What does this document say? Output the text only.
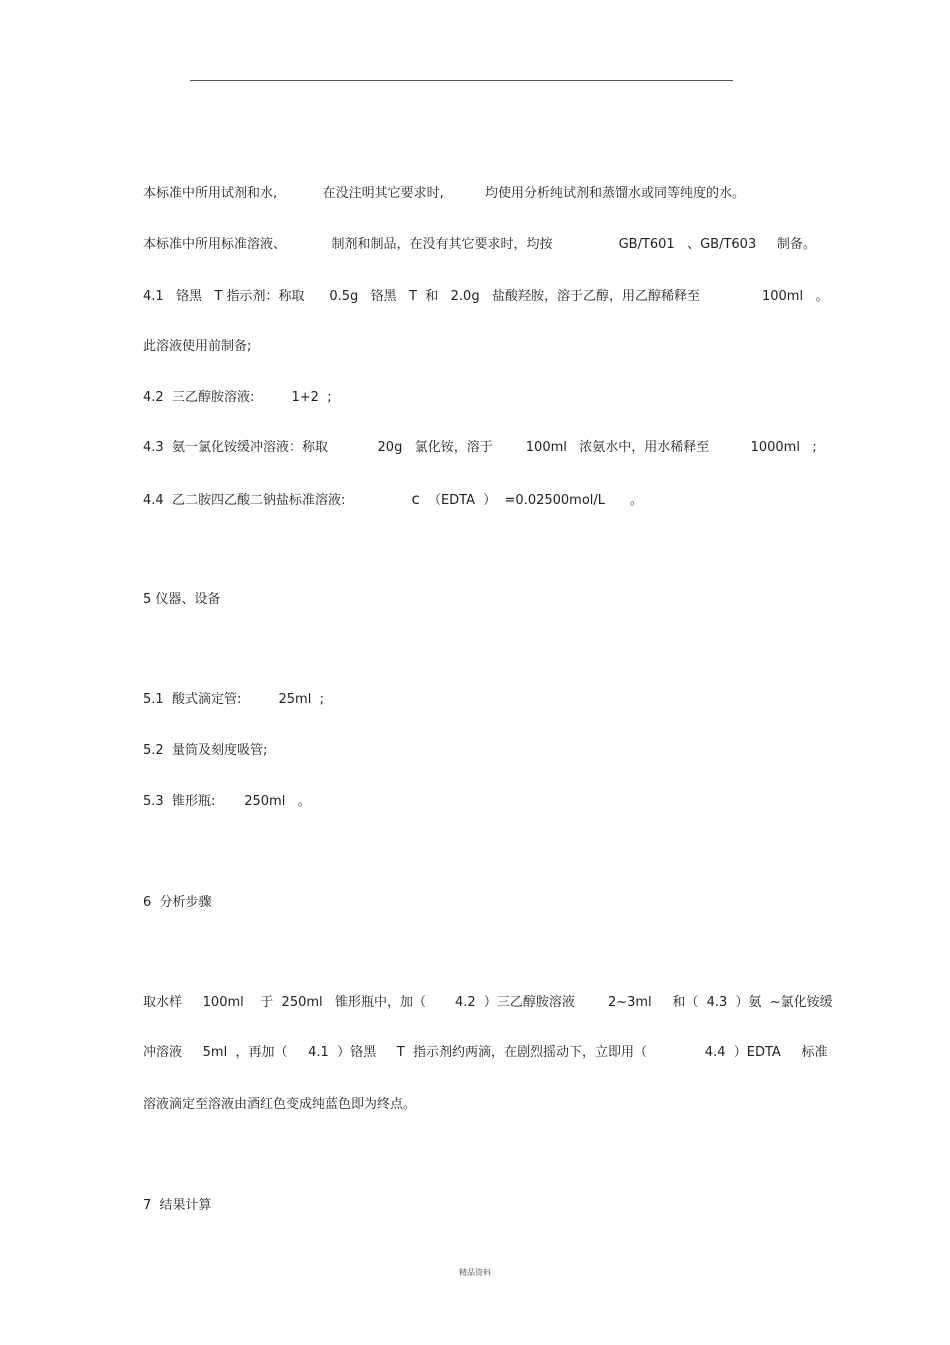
本标准中所用试剂和水,           在没注明其它要求时,          均使用分析纯试剂和蒸馏水或同等纯度的水。
本标准中所用标准溶液、           制剂和制品，在没有其它要求时，均按                GB/T601   、GB/T603     制备。
4.1   铬黑   T 指示剂：称取      0.5g   铬黑   T  和   2.0g   盐酸羟胺，溶于乙醇，用乙醇稀释至               100ml   。
此溶液使用前制备;
4.2  三乙醇胺溶液:         1+2  ;
4.3  氨一氯化铵缓冲溶液：称取            20g   氯化铵，溶于        100ml   浓氨水中，用水稀释至          1000ml   ;
4.4  乙二胺四乙酸二钠盐标准溶液:                c  （EDTA  ）  =0.02500mol/L      。
5 仪器、设备
5.1  酸式滴定管:         25ml  ;
5.2  量筒及刻度吸管;
5.3  锥形瓶:       250ml   。
6  分析步骤
取水样     100ml    于  250ml   锥形瓶中，加（       4.2  ）三乙醇胺溶液        2~3ml     和（  4.3  ）氨  ~氯化铵缓
冲溶液     5ml  ，再加（     4.1  ）铬黑     T  指示剂约两滴，在剧烈摇动下，立即用（              4.4  ）EDTA     标准
溶液滴定至溶液由酒红色变成纯蓝色即为终点。
7  结果计算
精品资料
